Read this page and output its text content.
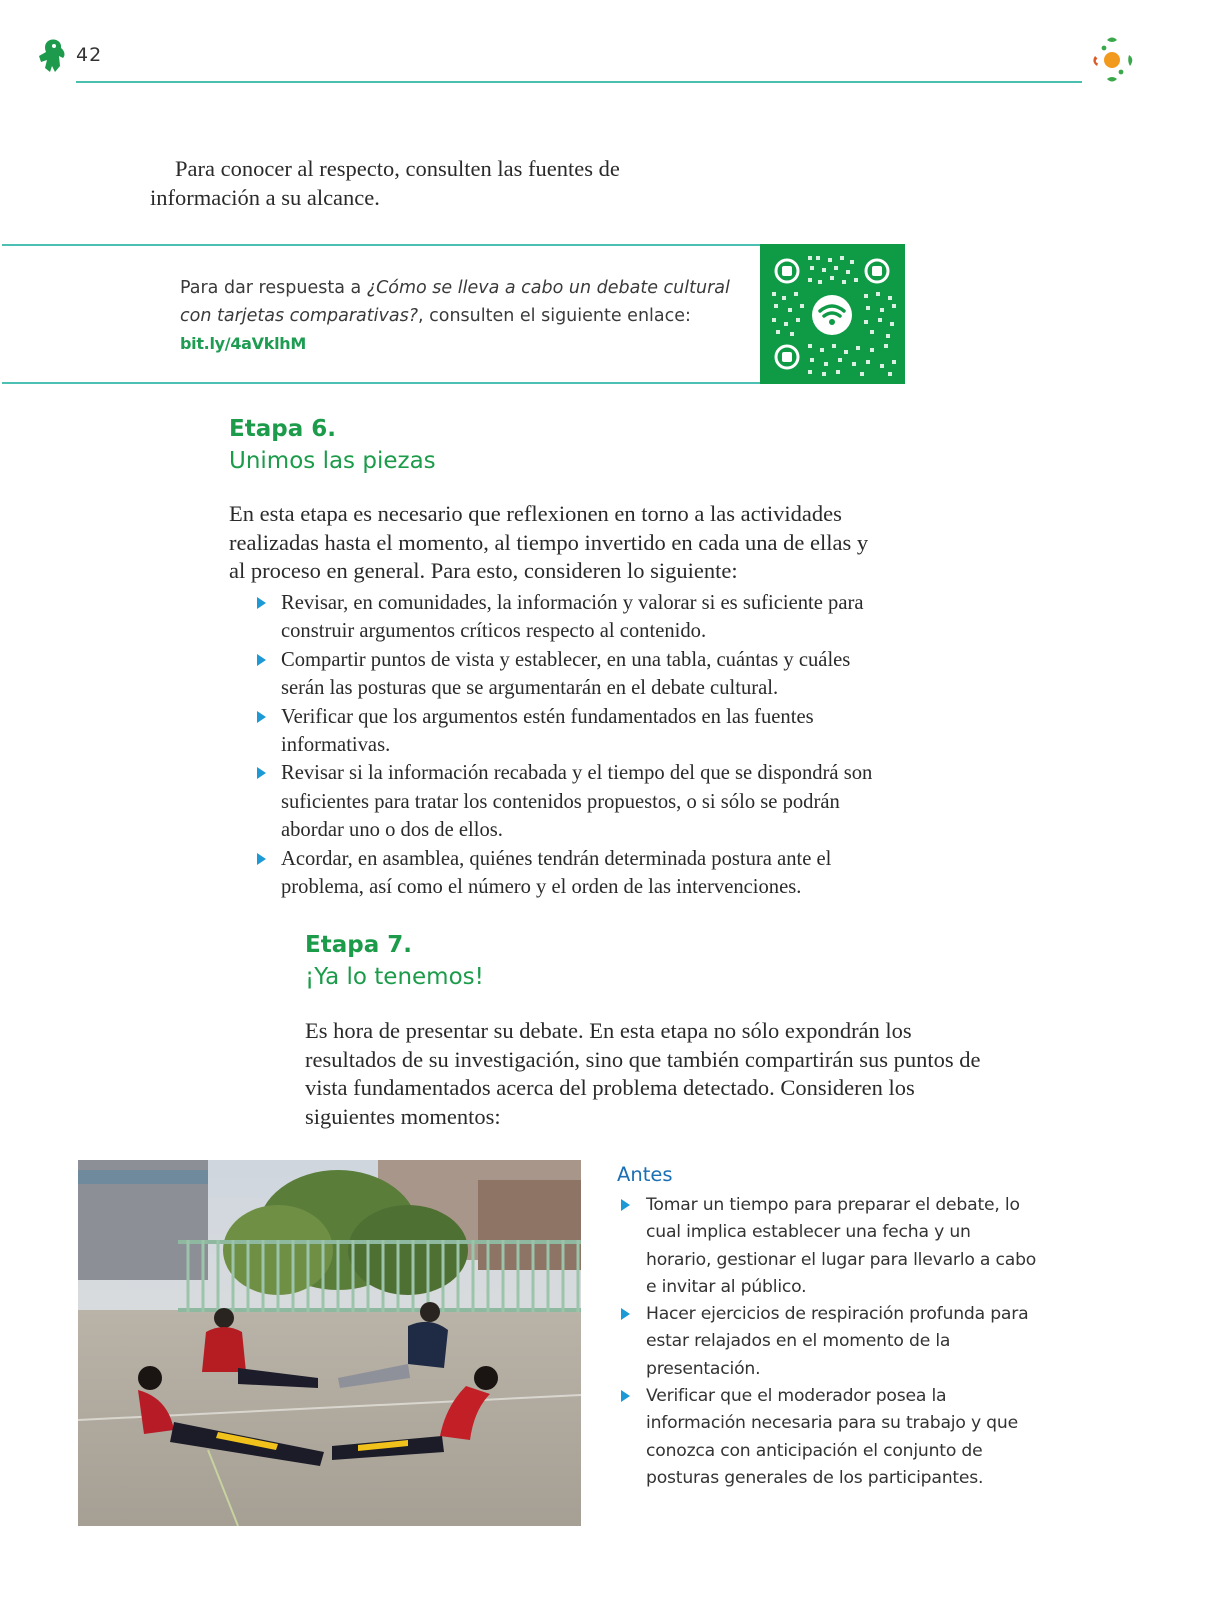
42
Para conocer al respecto, consulten las fuentes de información a su alcance.
Para dar respuesta a ¿Cómo se lleva a cabo un debate cultural con tarjetas comparativas?, consulten el siguiente enlace:
bit.ly/4aVklhM
Etapa 6.
Unimos las piezas
En esta etapa es necesario que reflexionen en torno a las actividades realizadas hasta el momento, al tiempo invertido en cada una de ellas y al proceso en general. Para esto, consideren lo siguiente:
Revisar, en comunidades, la información y valorar si es suficiente para construir argumentos críticos respecto al contenido.
Compartir puntos de vista y establecer, en una tabla, cuántas y cuáles serán las posturas que se argumentarán en el debate cultural.
Verificar que los argumentos estén fundamentados en las fuentes informativas.
Revisar si la información recabada y el tiempo del que se dispondrá son suficientes para tratar los contenidos propuestos, o si sólo se podrán abordar uno o dos de ellos.
Acordar, en asamblea, quiénes tendrán determinada postura ante el problema, así como el número y el orden de las intervenciones.
Etapa 7.
¡Ya lo tenemos!
Es hora de presentar su debate. En esta etapa no sólo expondrán los resultados de su investigación, sino que también compartirán sus puntos de vista fundamentados acerca del problema detectado. Consideren los siguientes momentos:
Antes
Tomar un tiempo para preparar el debate, lo cual implica establecer una fecha y un horario, gestionar el lugar para llevarlo a cabo e invitar al público.
Hacer ejercicios de respiración profunda para estar relajados en el momento de la presentación.
Verificar que el moderador posea la información necesaria para su trabajo y que conozca con anticipación el conjunto de posturas generales de los participantes.
